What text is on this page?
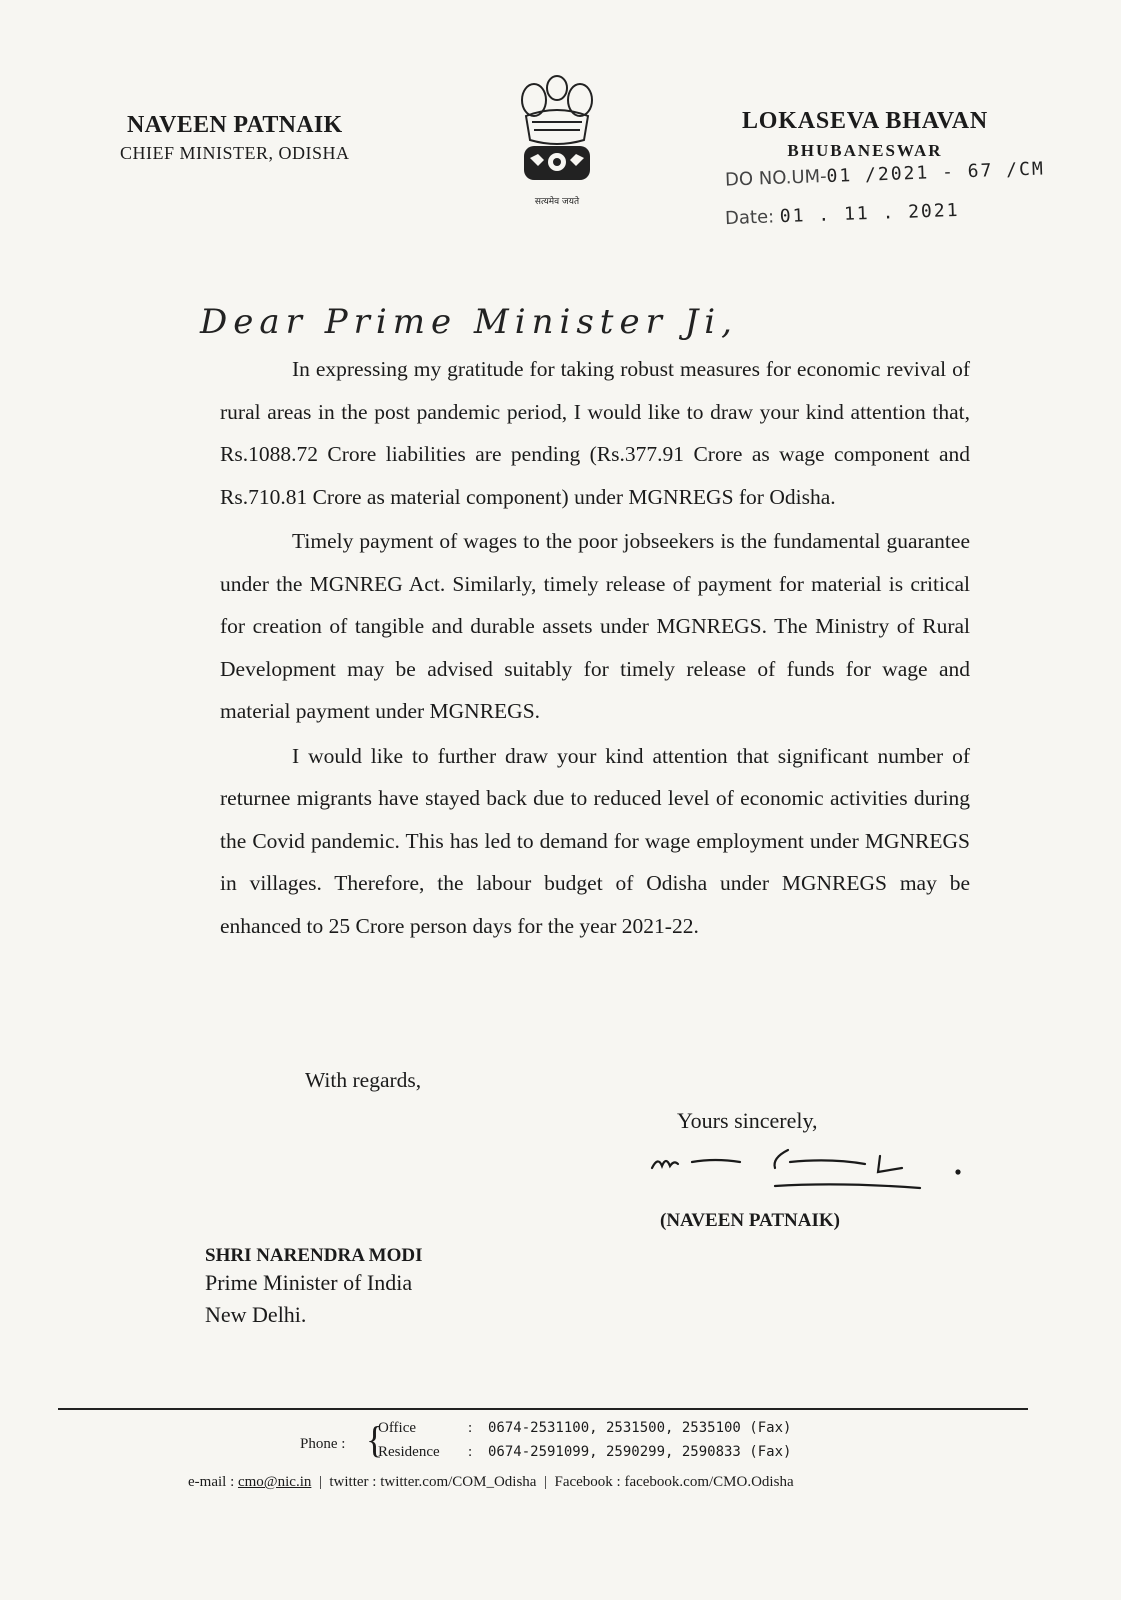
NAVEEN PATNAIK
CHIEF MINISTER, ODISHA
सत्यमेव जयते
LOKASEVA BHAVAN
BHUBANESWAR
DO NO.UM-01 /2021 - 67 /CM
Date: 01 . 11 . 2021
Dear Prime Minister Ji,

In expressing my gratitude for taking robust measures for economic revival of rural areas in the post pandemic period, I would like to draw your kind attention that, Rs.1088.72 Crore liabilities are pending (Rs.377.91 Crore as wage component and Rs.710.81 Crore as material component) under MGNREGS for Odisha.

Timely payment of wages to the poor jobseekers is the fundamental guarantee under the MGNREG Act. Similarly, timely release of payment for material is critical for creation of tangible and durable assets under MGNREGS. The Ministry of Rural Development may be advised suitably for timely release of funds for wage and material payment under MGNREGS.

I would like to further draw your kind attention that significant number of returnee migrants have stayed back due to reduced level of economic activities during the Covid pandemic. This has led to demand for wage employment under MGNREGS in villages. Therefore, the labour budget of Odisha under MGNREGS may be enhanced to 25 Crore person days for the year 2021-22.

With regards,
Yours sincerely,
(NAVEEN PATNAIK)
SHRI NARENDRA MODI
Prime Minister of India
New Delhi.
Phone : {
Office	: 0674-2531100, 2531500, 2535100 (Fax)
Residence : 0674-2591099, 2590299, 2590833 (Fax)
e-mail : cmo@nic.in  |  twitter : twitter.com/COM_Odisha  |  Facebook : facebook.com/CMO.Odisha
